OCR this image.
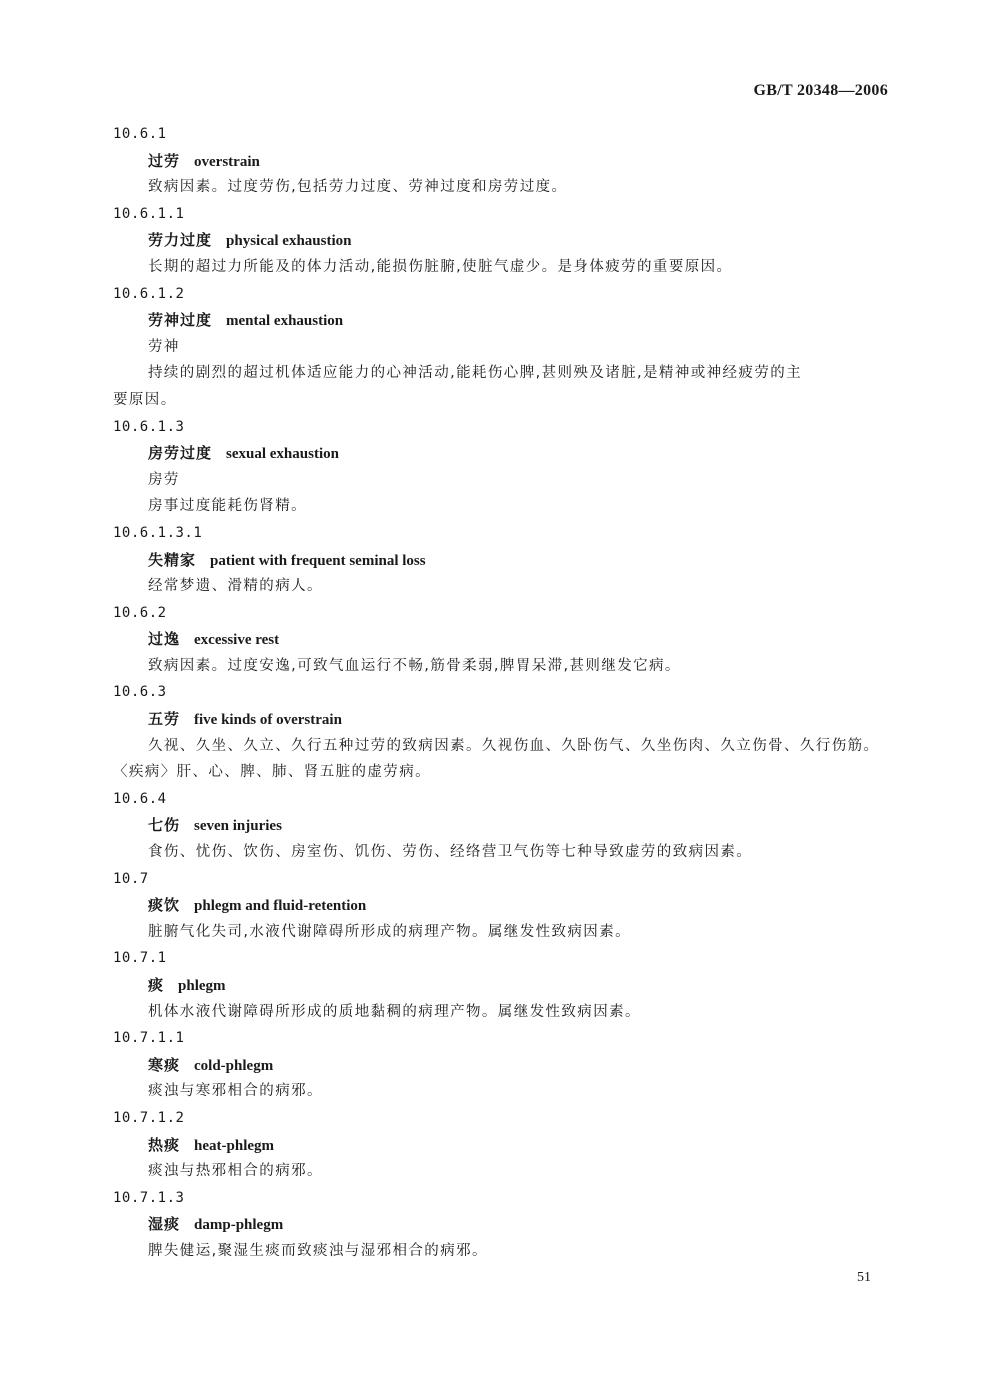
GB/T 20348—2006
10.6.1
过劳 overstrain
致病因素。过度劳伤,包括劳力过度、劳神过度和房劳过度。
10.6.1.1
劳力过度 physical exhaustion
长期的超过力所能及的体力活动,能损伤脏腑,使脏气虚少。是身体疲劳的重要原因。
10.6.1.2
劳神过度 mental exhaustion
劳神
持续的剧烈的超过机体适应能力的心神活动,能耗伤心脾,甚则殃及诸脏,是精神或神经疲劳的主
要原因。
10.6.1.3
房劳过度 sexual exhaustion
房劳
房事过度能耗伤肾精。
10.6.1.3.1
失精家 patient with frequent seminal loss
经常梦遗、滑精的病人。
10.6.2
过逸 excessive rest
致病因素。过度安逸,可致气血运行不畅,筋骨柔弱,脾胃呆滞,甚则继发它病。
10.6.3
五劳 five kinds of overstrain
久视、久坐、久立、久行五种过劳的致病因素。久视伤血、久卧伤气、久坐伤肉、久立伤骨、久行伤筋。
〈疾病〉肝、心、脾、肺、肾五脏的虚劳病。
10.6.4
七伤 seven injuries
食伤、忧伤、饮伤、房室伤、饥伤、劳伤、经络营卫气伤等七种导致虚劳的致病因素。
10.7
痰饮 phlegm and fluid-retention
脏腑气化失司,水液代谢障碍所形成的病理产物。属继发性致病因素。
10.7.1
痰 phlegm
机体水液代谢障碍所形成的质地黏稠的病理产物。属继发性致病因素。
10.7.1.1
寒痰 cold-phlegm
痰浊与寒邪相合的病邪。
10.7.1.2
热痰 heat-phlegm
痰浊与热邪相合的病邪。
10.7.1.3
湿痰 damp-phlegm
脾失健运,聚湿生痰而致痰浊与湿邪相合的病邪。
51
